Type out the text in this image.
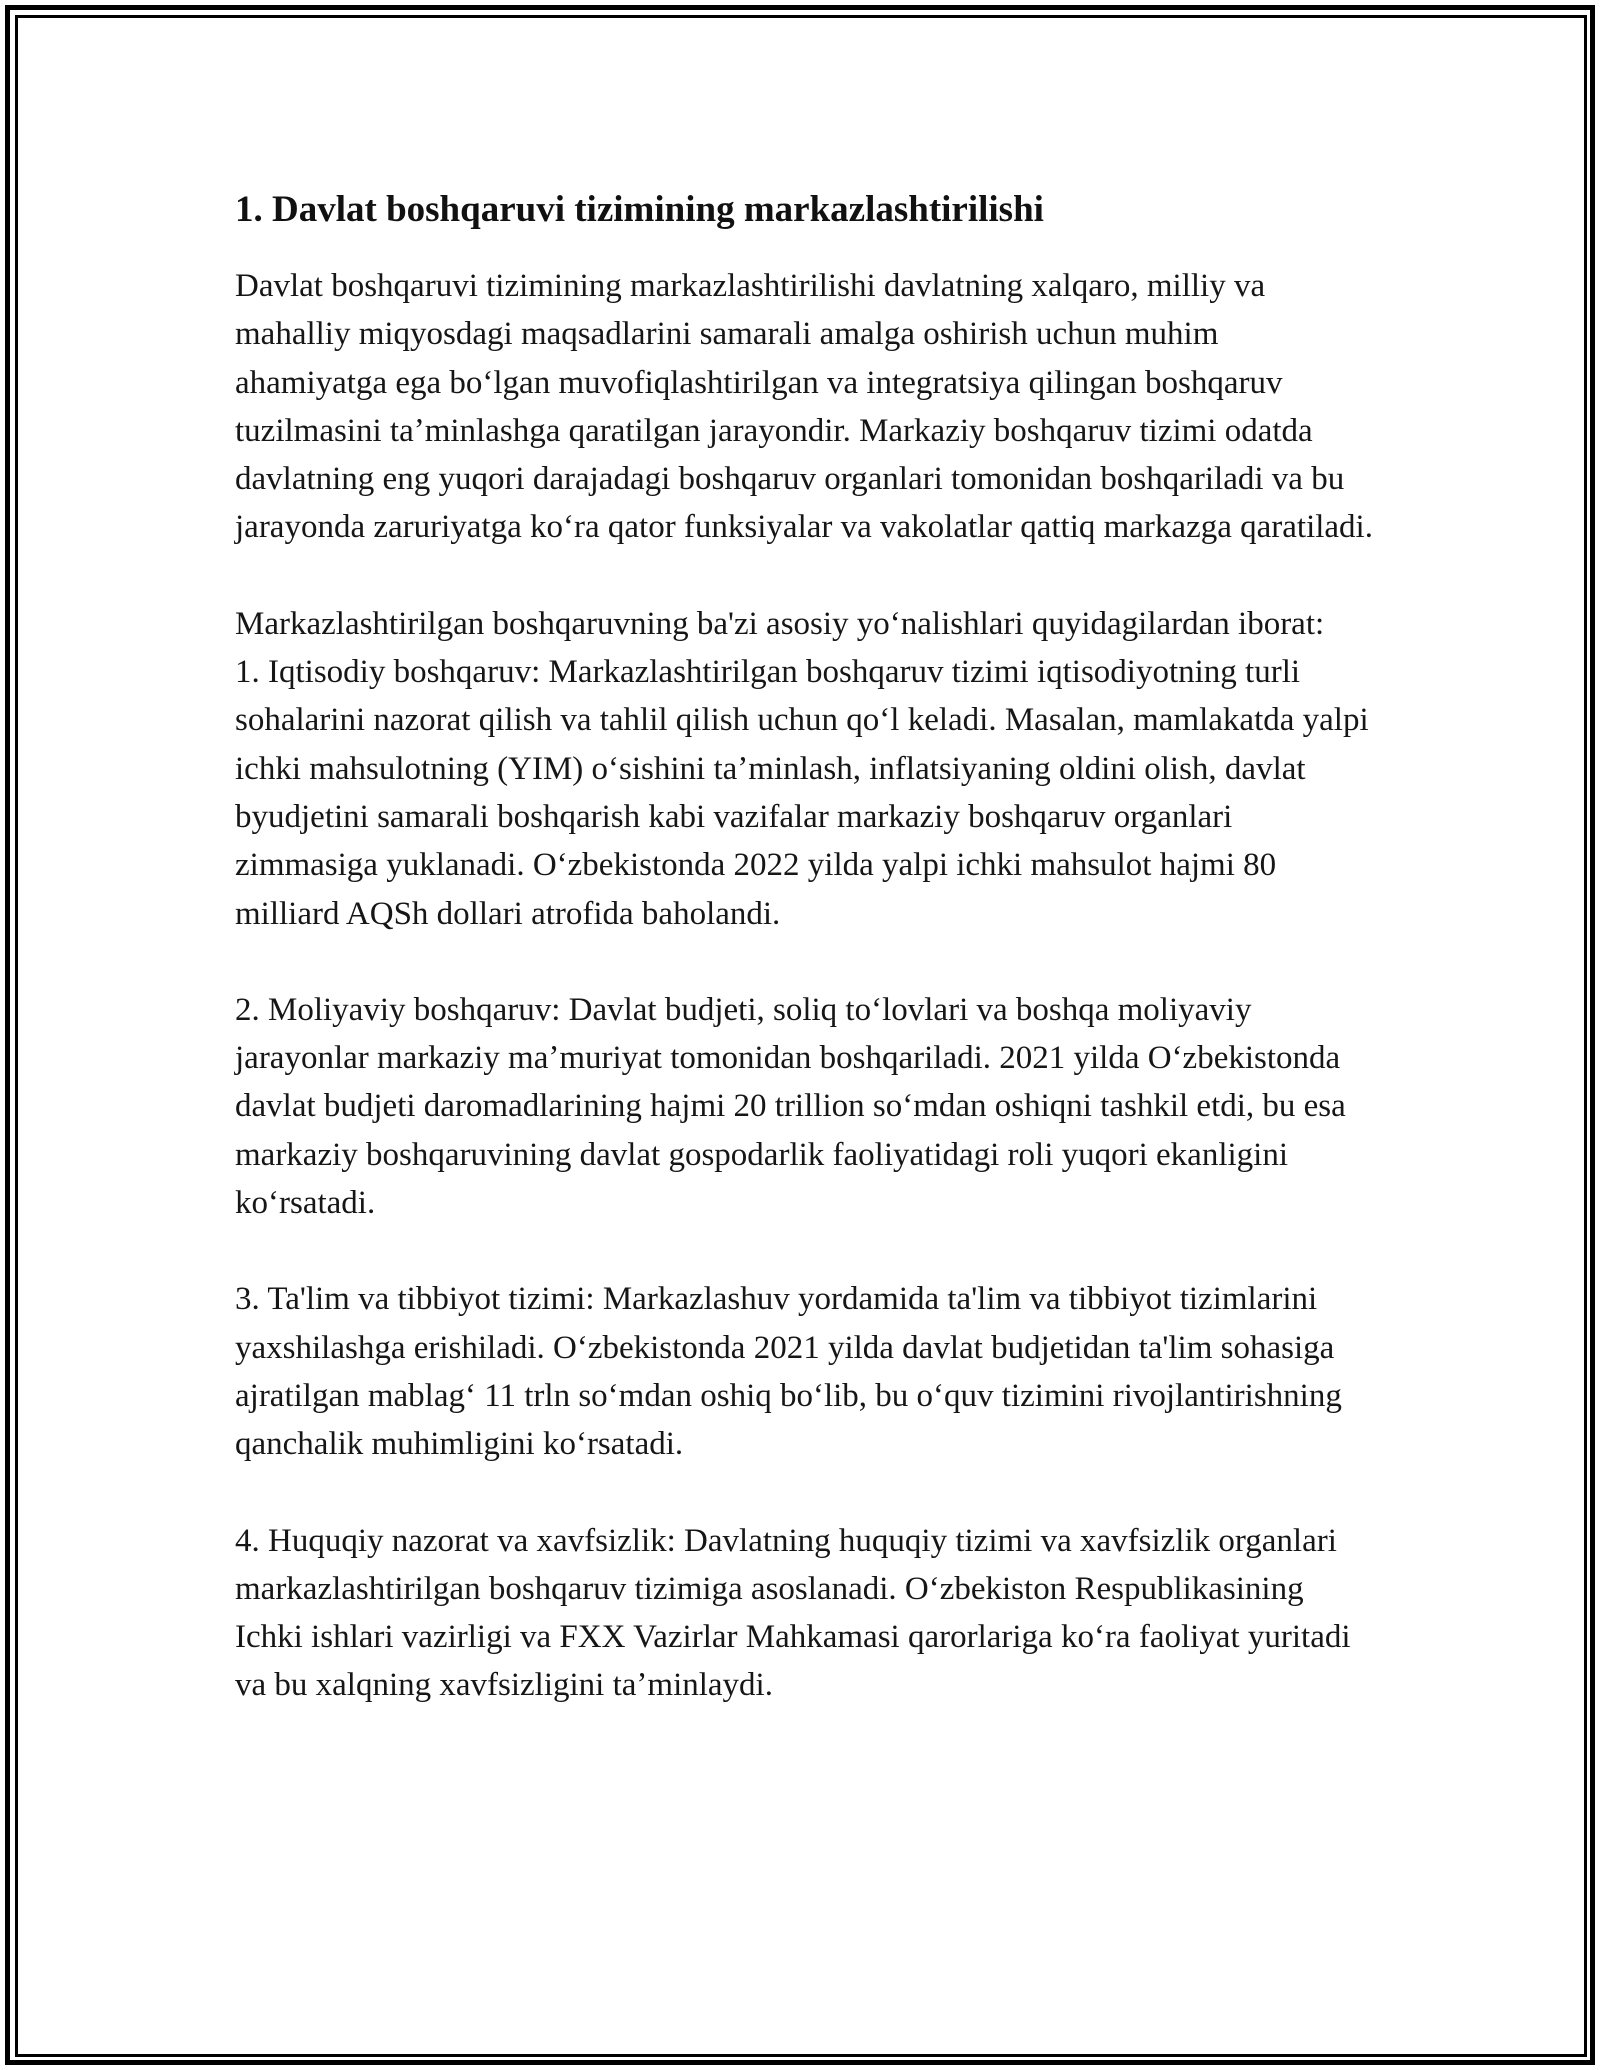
1. Davlat boshqaruvi tizimining markazlashtirilishi

Davlat boshqaruvi tizimining markazlashtirilishi davlatning xalqaro, milliy va mahalliy miqyosdagi maqsadlarini samarali amalga oshirish uchun muhim ahamiyatga ega boʻlgan muvofiqlashtirilgan va integratsiya qilingan boshqaruv tuzilmasini taʼminlashga qaratilgan jarayondir. Markaziy boshqaruv tizimi odatda davlatning eng yuqori darajadagi boshqaruv organlari tomonidan boshqariladi va bu jarayonda zaruriyatga koʻra qator funksiyalar va vakolatlar qattiq markazga qaratiladi.

Markazlashtirilgan boshqaruvning ba'zi asosiy yoʻnalishlari quyidagilardan iborat:

1. Iqtisodiy boshqaruv: Markazlashtirilgan boshqaruv tizimi iqtisodiyotning turli sohalarini nazorat qilish va tahlil qilish uchun qoʻl keladi. Masalan, mamlakatda yalpi ichki mahsulotning (YIM) oʻsishini taʼminlash, inflatsiyaning oldini olish, davlat byudjetini samarali boshqarish kabi vazifalar markaziy boshqaruv organlari zimmasiga yuklanadi. Oʻzbekistonda 2022 yilda yalpi ichki mahsulot hajmi 80 milliard AQSh dollari atrofida baholandi.

2. Moliyaviy boshqaruv: Davlat budjeti, soliq toʻlovlari va boshqa moliyaviy jarayonlar markaziy maʼmuriyat tomonidan boshqariladi. 2021 yilda Oʻzbekistonda davlat budjeti daromadlarining hajmi 20 trillion soʻmdan oshiqni tashkil etdi, bu esa markaziy boshqaruvining davlat gospodarlik faoliyatidagi roli yuqori ekanligini koʻrsatadi.

3. Ta'lim va tibbiyot tizimi: Markazlashuv yordamida ta'lim va tibbiyot tizimlarini yaxshilashga erishiladi. Oʻzbekistonda 2021 yilda davlat budjetidan ta'lim sohasiga ajratilgan mablagʻ 11 trln soʻmdan oshiq boʻlib, bu oʻquv tizimini rivojlantirishning qanchalik muhimligini koʻrsatadi.

4. Huquqiy nazorat va xavfsizlik: Davlatning huquqiy tizimi va xavfsizlik organlari markazlashtirilgan boshqaruv tizimiga asoslanadi. Oʻzbekiston Respublikasining Ichki ishlari vazirligi va FXX Vazirlar Mahkamasi qarorlariga koʻra faoliyat yuritadi va bu xalqning xavfsizligini taʼminlaydi.
